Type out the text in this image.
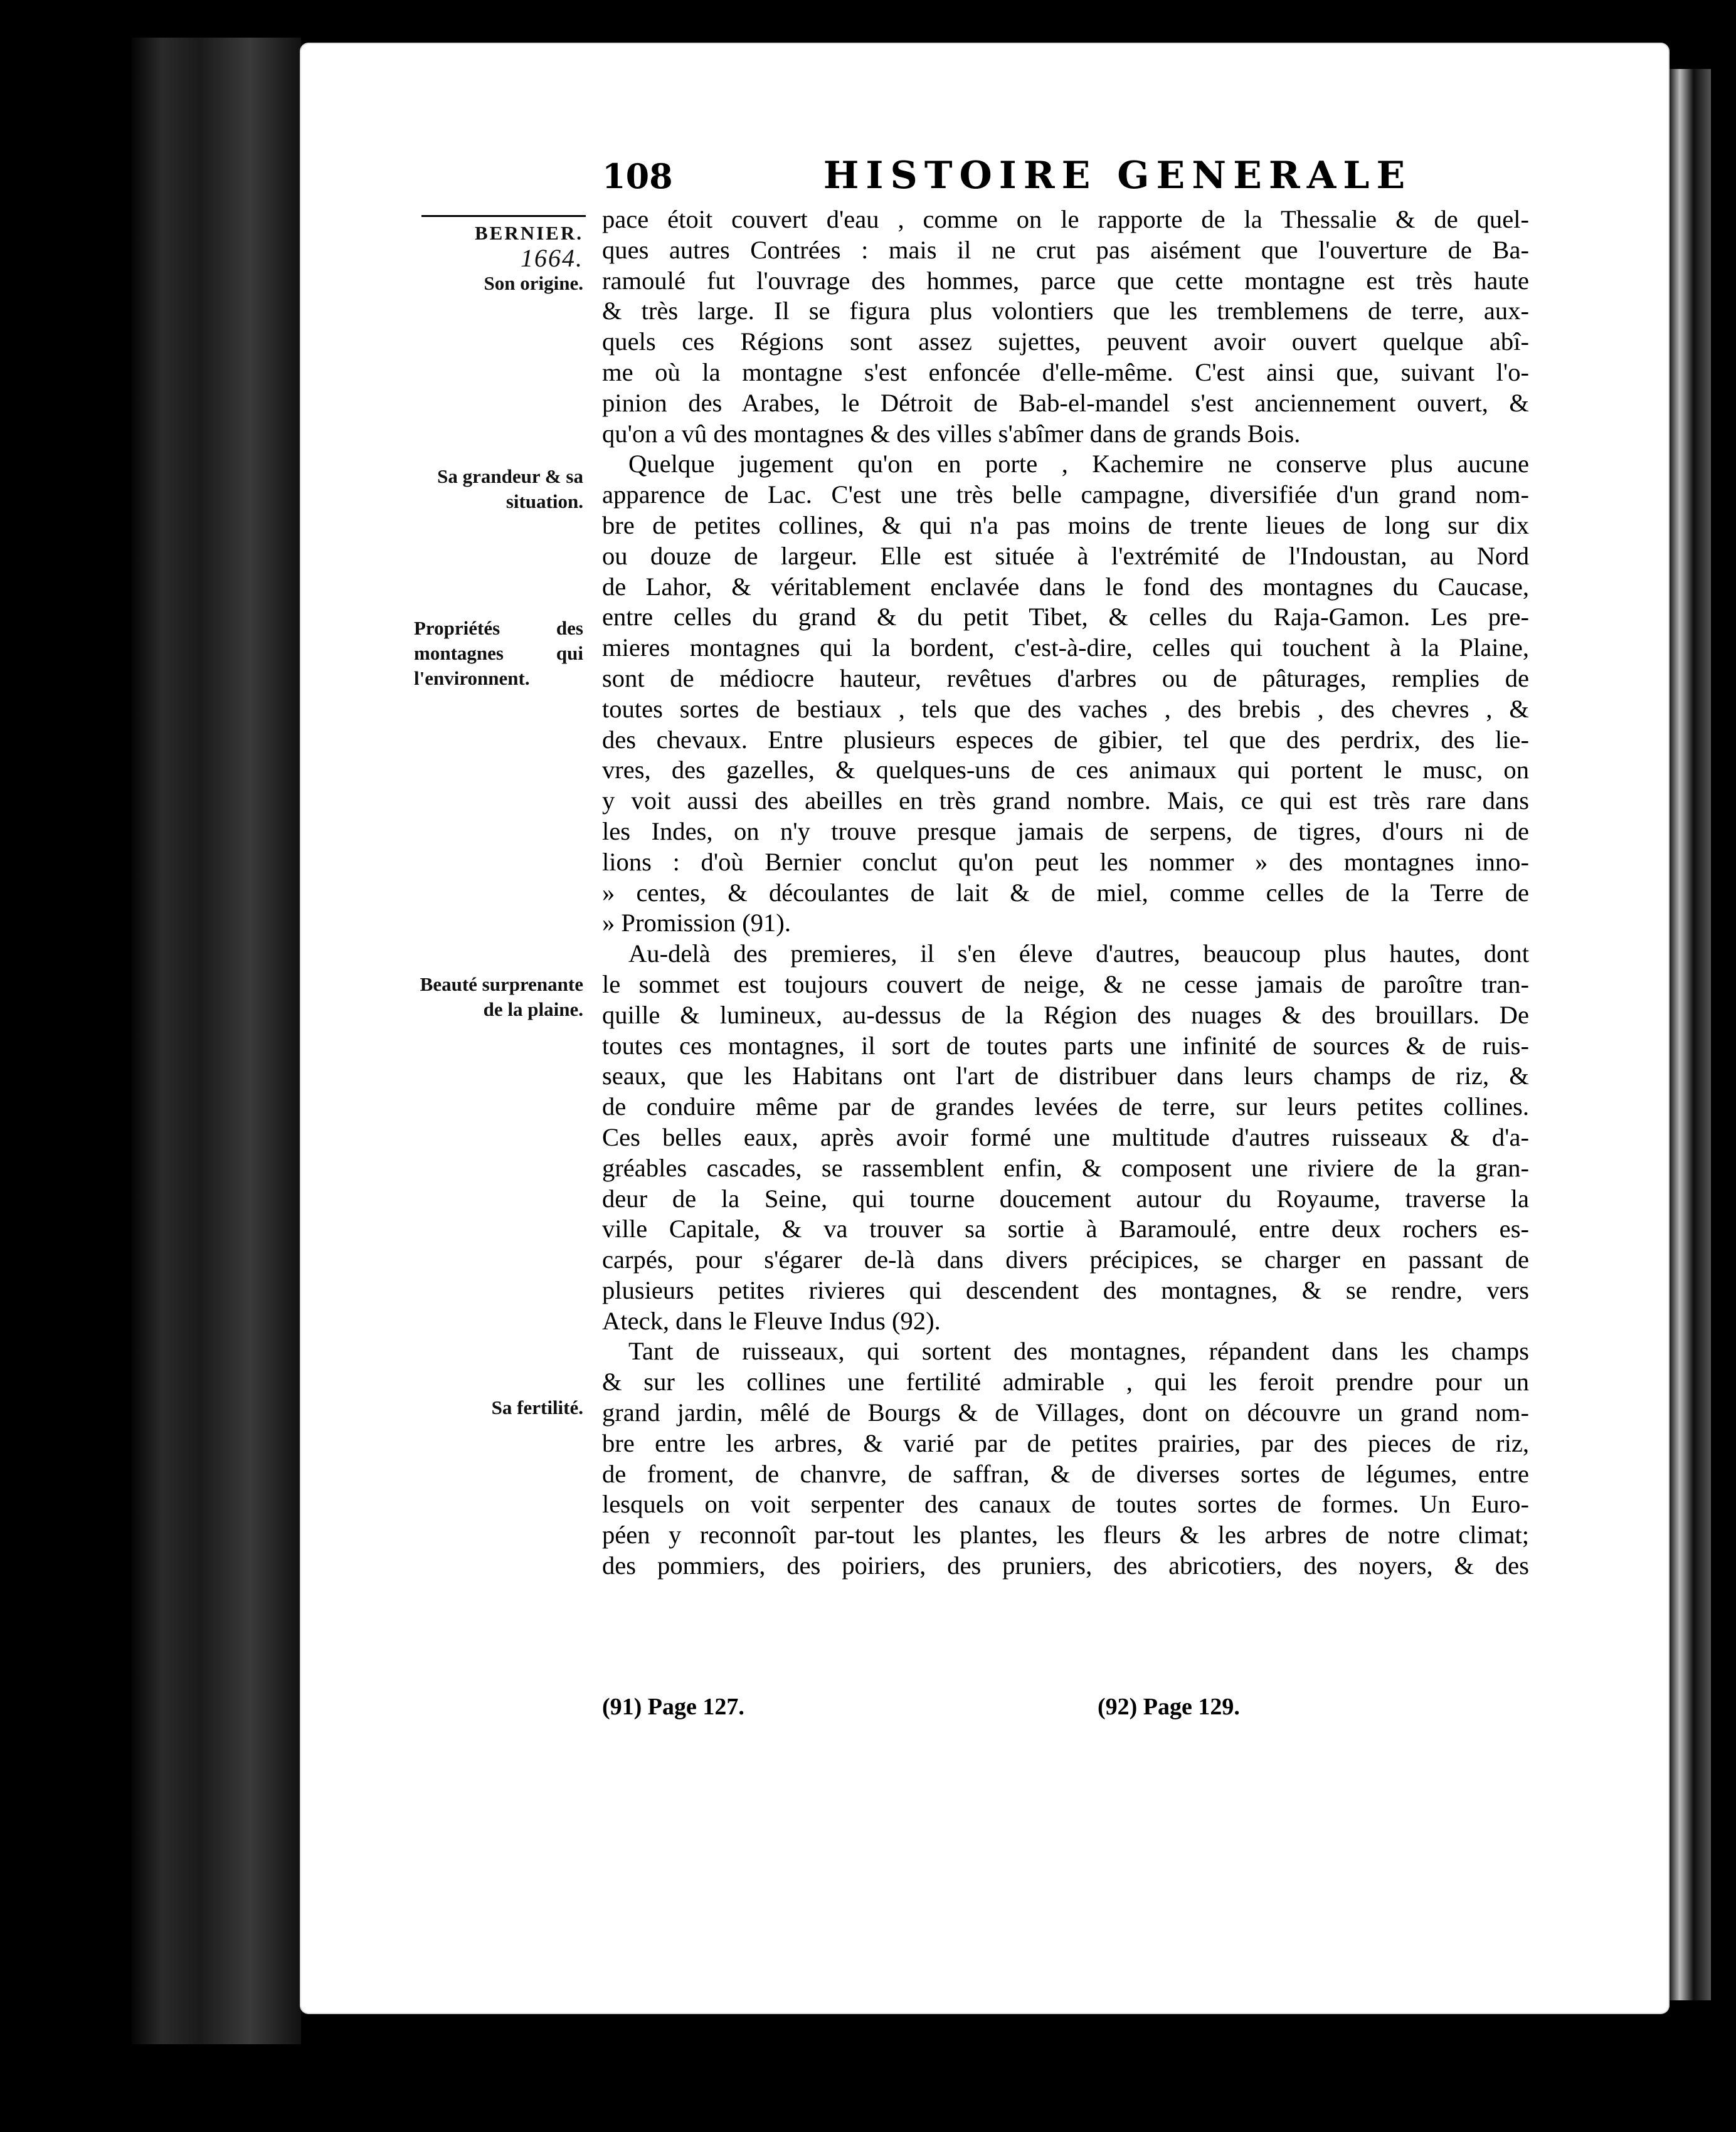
108	HISTOIRE GENERALE
BERNIER.
1664.
Son origine.
Sa grandeur & sa situation.
Propriétés des montagnes qui l'environnent.
Beauté surprenante de la plaine.
Sa fertilité.
pace étoit couvert d'eau , comme on le rapporte de la Thessalie & de quel-
ques autres Contrées : mais il ne crut pas aisément que l'ouverture de Ba-
ramoulé fut l'ouvrage des hommes, parce que cette montagne est très haute
& très large. Il se figura plus volontiers que les tremblemens de terre, aux-
quels ces Régions sont assez sujettes, peuvent avoir ouvert quelque abî-
me où la montagne s'est enfoncée d'elle-même. C'est ainsi que, suivant l'o-
pinion des Arabes, le Détroit de Bab-el-mandel s'est anciennement ouvert, &
qu'on a vû des montagnes & des villes s'abîmer dans de grands Bois.
Quelque jugement qu'on en porte , Kachemire ne conserve plus aucune
apparence de Lac. C'est une très belle campagne, diversifiée d'un grand nom-
bre de petites collines, & qui n'a pas moins de trente lieues de long sur dix
ou douze de largeur. Elle est située à l'extrémité de l'Indoustan, au Nord
de Lahor, & véritablement enclavée dans le fond des montagnes du Caucase,
entre celles du grand & du petit Tibet, & celles du Raja-Gamon. Les pre-
mieres montagnes qui la bordent, c'est-à-dire, celles qui touchent à la Plaine,
sont de médiocre hauteur, revêtues d'arbres ou de pâturages, remplies de
toutes sortes de bestiaux , tels que des vaches , des brebis , des chevres , &
des chevaux. Entre plusieurs especes de gibier, tel que des perdrix, des lie-
vres, des gazelles, & quelques-uns de ces animaux qui portent le musc, on
y voit aussi des abeilles en très grand nombre. Mais, ce qui est très rare dans
les Indes, on n'y trouve presque jamais de serpens, de tigres, d'ours ni de
lions : d'où Bernier conclut qu'on peut les nommer » des montagnes inno-
» centes, & découlantes de lait & de miel, comme celles de la Terre de
» Promission (91).
Au-delà des premieres, il s'en éleve d'autres, beaucoup plus hautes, dont
le sommet est toujours couvert de neige, & ne cesse jamais de paroître tran-
quille & lumineux, au-dessus de la Région des nuages & des brouillars. De
toutes ces montagnes, il sort de toutes parts une infinité de sources & de ruis-
seaux, que les Habitans ont l'art de distribuer dans leurs champs de riz, &
de conduire même par de grandes levées de terre, sur leurs petites collines.
Ces belles eaux, après avoir formé une multitude d'autres ruisseaux & d'a-
gréables cascades, se rassemblent enfin, & composent une riviere de la gran-
deur de la Seine, qui tourne doucement autour du Royaume, traverse la
ville Capitale, & va trouver sa sortie à Baramoulé, entre deux rochers es-
carpés, pour s'égarer de-là dans divers précipices, se charger en passant de
plusieurs petites rivieres qui descendent des montagnes, & se rendre, vers
Ateck, dans le Fleuve Indus (92).
Tant de ruisseaux, qui sortent des montagnes, répandent dans les champs
& sur les collines une fertilité admirable , qui les feroit prendre pour un
grand jardin, mêlé de Bourgs & de Villages, dont on découvre un grand nom-
bre entre les arbres, & varié par de petites prairies, par des pieces de riz,
de froment, de chanvre, de saffran, & de diverses sortes de légumes, entre
lesquels on voit serpenter des canaux de toutes sortes de formes. Un Euro-
péen y reconnoît par-tout les plantes, les fleurs & les arbres de notre climat;
des pommiers, des poiriers, des pruniers, des abricotiers, des noyers, & des
(91) Page 127.	(92) Page 129.
